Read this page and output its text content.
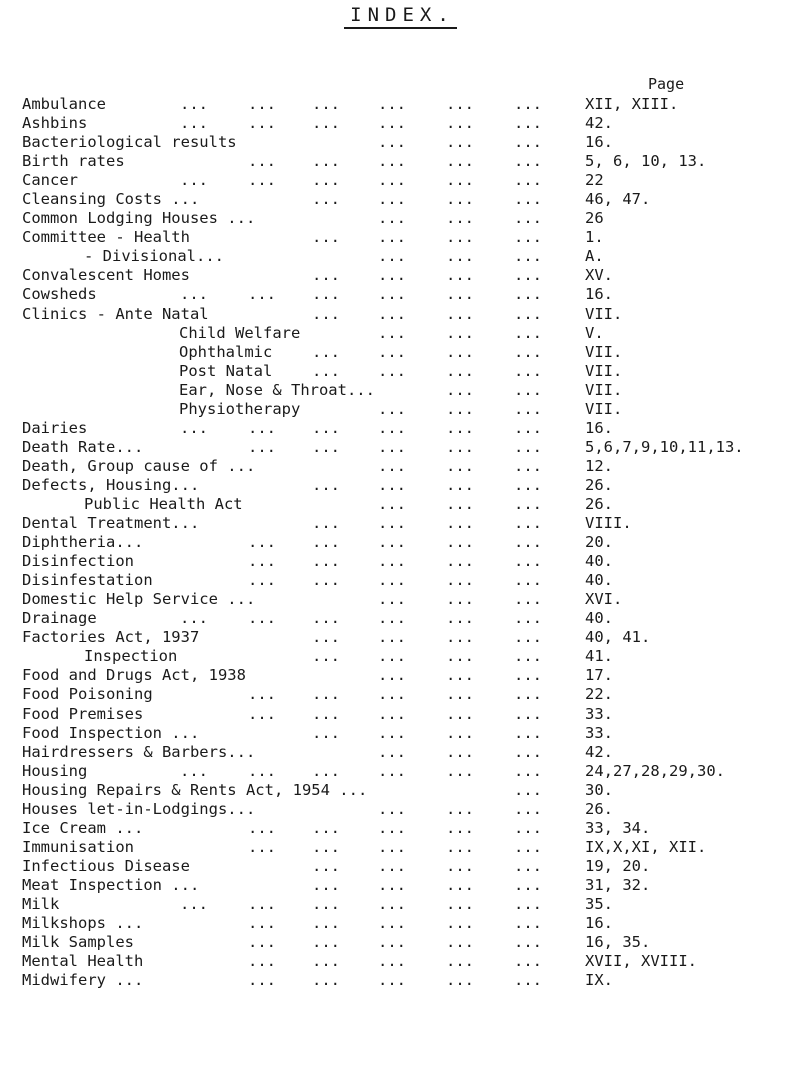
INDEX.
Page
Ambulance	...	... ... ...	...	...	XII, XIII.
Ashbins	...	... ... ...	...	...	42.
Bacteriological results	...	...	...	16.
Birth rates	... ... ...	...	...	5, 6, 10, 13.
Cancer	...	... ... ...	...	...	22
Cleansing Costs ...	... ...	...	...	46, 47.
Common Lodging Houses ...	...	...	...	26
Committee - Health	... ...	...	...	1.
- Divisional...	...	...	...	A.
Convalescent Homes	... ...	...	...	XV.
Cowsheds	...	... ... ...	...	...	16.
Clinics - Ante Natal	... ...	...	...	VII.
Child Welfare	...	...	...	V.
Ophthalmic	... ...	...	...	VII.
Post Natal	... ...	...	...	VII.
Ear, Nose & Throat...	...	...	VII.
Physiotherapy	...	...	...	VII.
Dairies	...	... ... ...	...	...	16.
Death Rate...	... ... ...	...	...	5,6,7,9,10,11,13.
Death, Group cause of ...	...	...	...	12.
Defects, Housing...	... ...	...	...	26.
Public Health Act	...	...	...	26.
Dental Treatment...	... ...	...	...	VIII.
Diphtheria...	... ... ...	...	...	20.
Disinfection	... ... ...	...	...	40.
Disinfestation	... ... ...	...	...	40.
Domestic Help Service ...	...	...	...	XVI.
Drainage	...	... ... ...	...	...	40.
Factories Act, 1937	... ...	...	...	40, 41.
Inspection	... ...	...	...	41.
Food and Drugs Act, 1938	...	...	...	17.
Food Poisoning	... ... ...	...	...	22.
Food Premises	... ... ...	...	...	33.
Food Inspection ...	... ...	...	...	33.
Hairdressers & Barbers...	...	...	...	42.
Housing	...	... ... ...	...	...	24,27,28,29,30.
Housing Repairs & Rents Act, 1954 ...	...	30.
Houses let-in-Lodgings...	...	...	...	26.
Ice Cream ...	... ... ...	...	...	33, 34.
Immunisation	... ... ...	...	...	IX,X,XI, XII.
Infectious Disease	... ...	...	...	19, 20.
Meat Inspection ...	... ...	...	...	31, 32.
Milk	...	... ... ...	...	...	35.
Milkshops ...	... ... ...	...	...	16.
Milk Samples	... ... ...	...	...	16, 35.
Mental Health	... ... ...	...	...	XVII, XVIII.
Midwifery ...	... ... ...	...	...	IX.
